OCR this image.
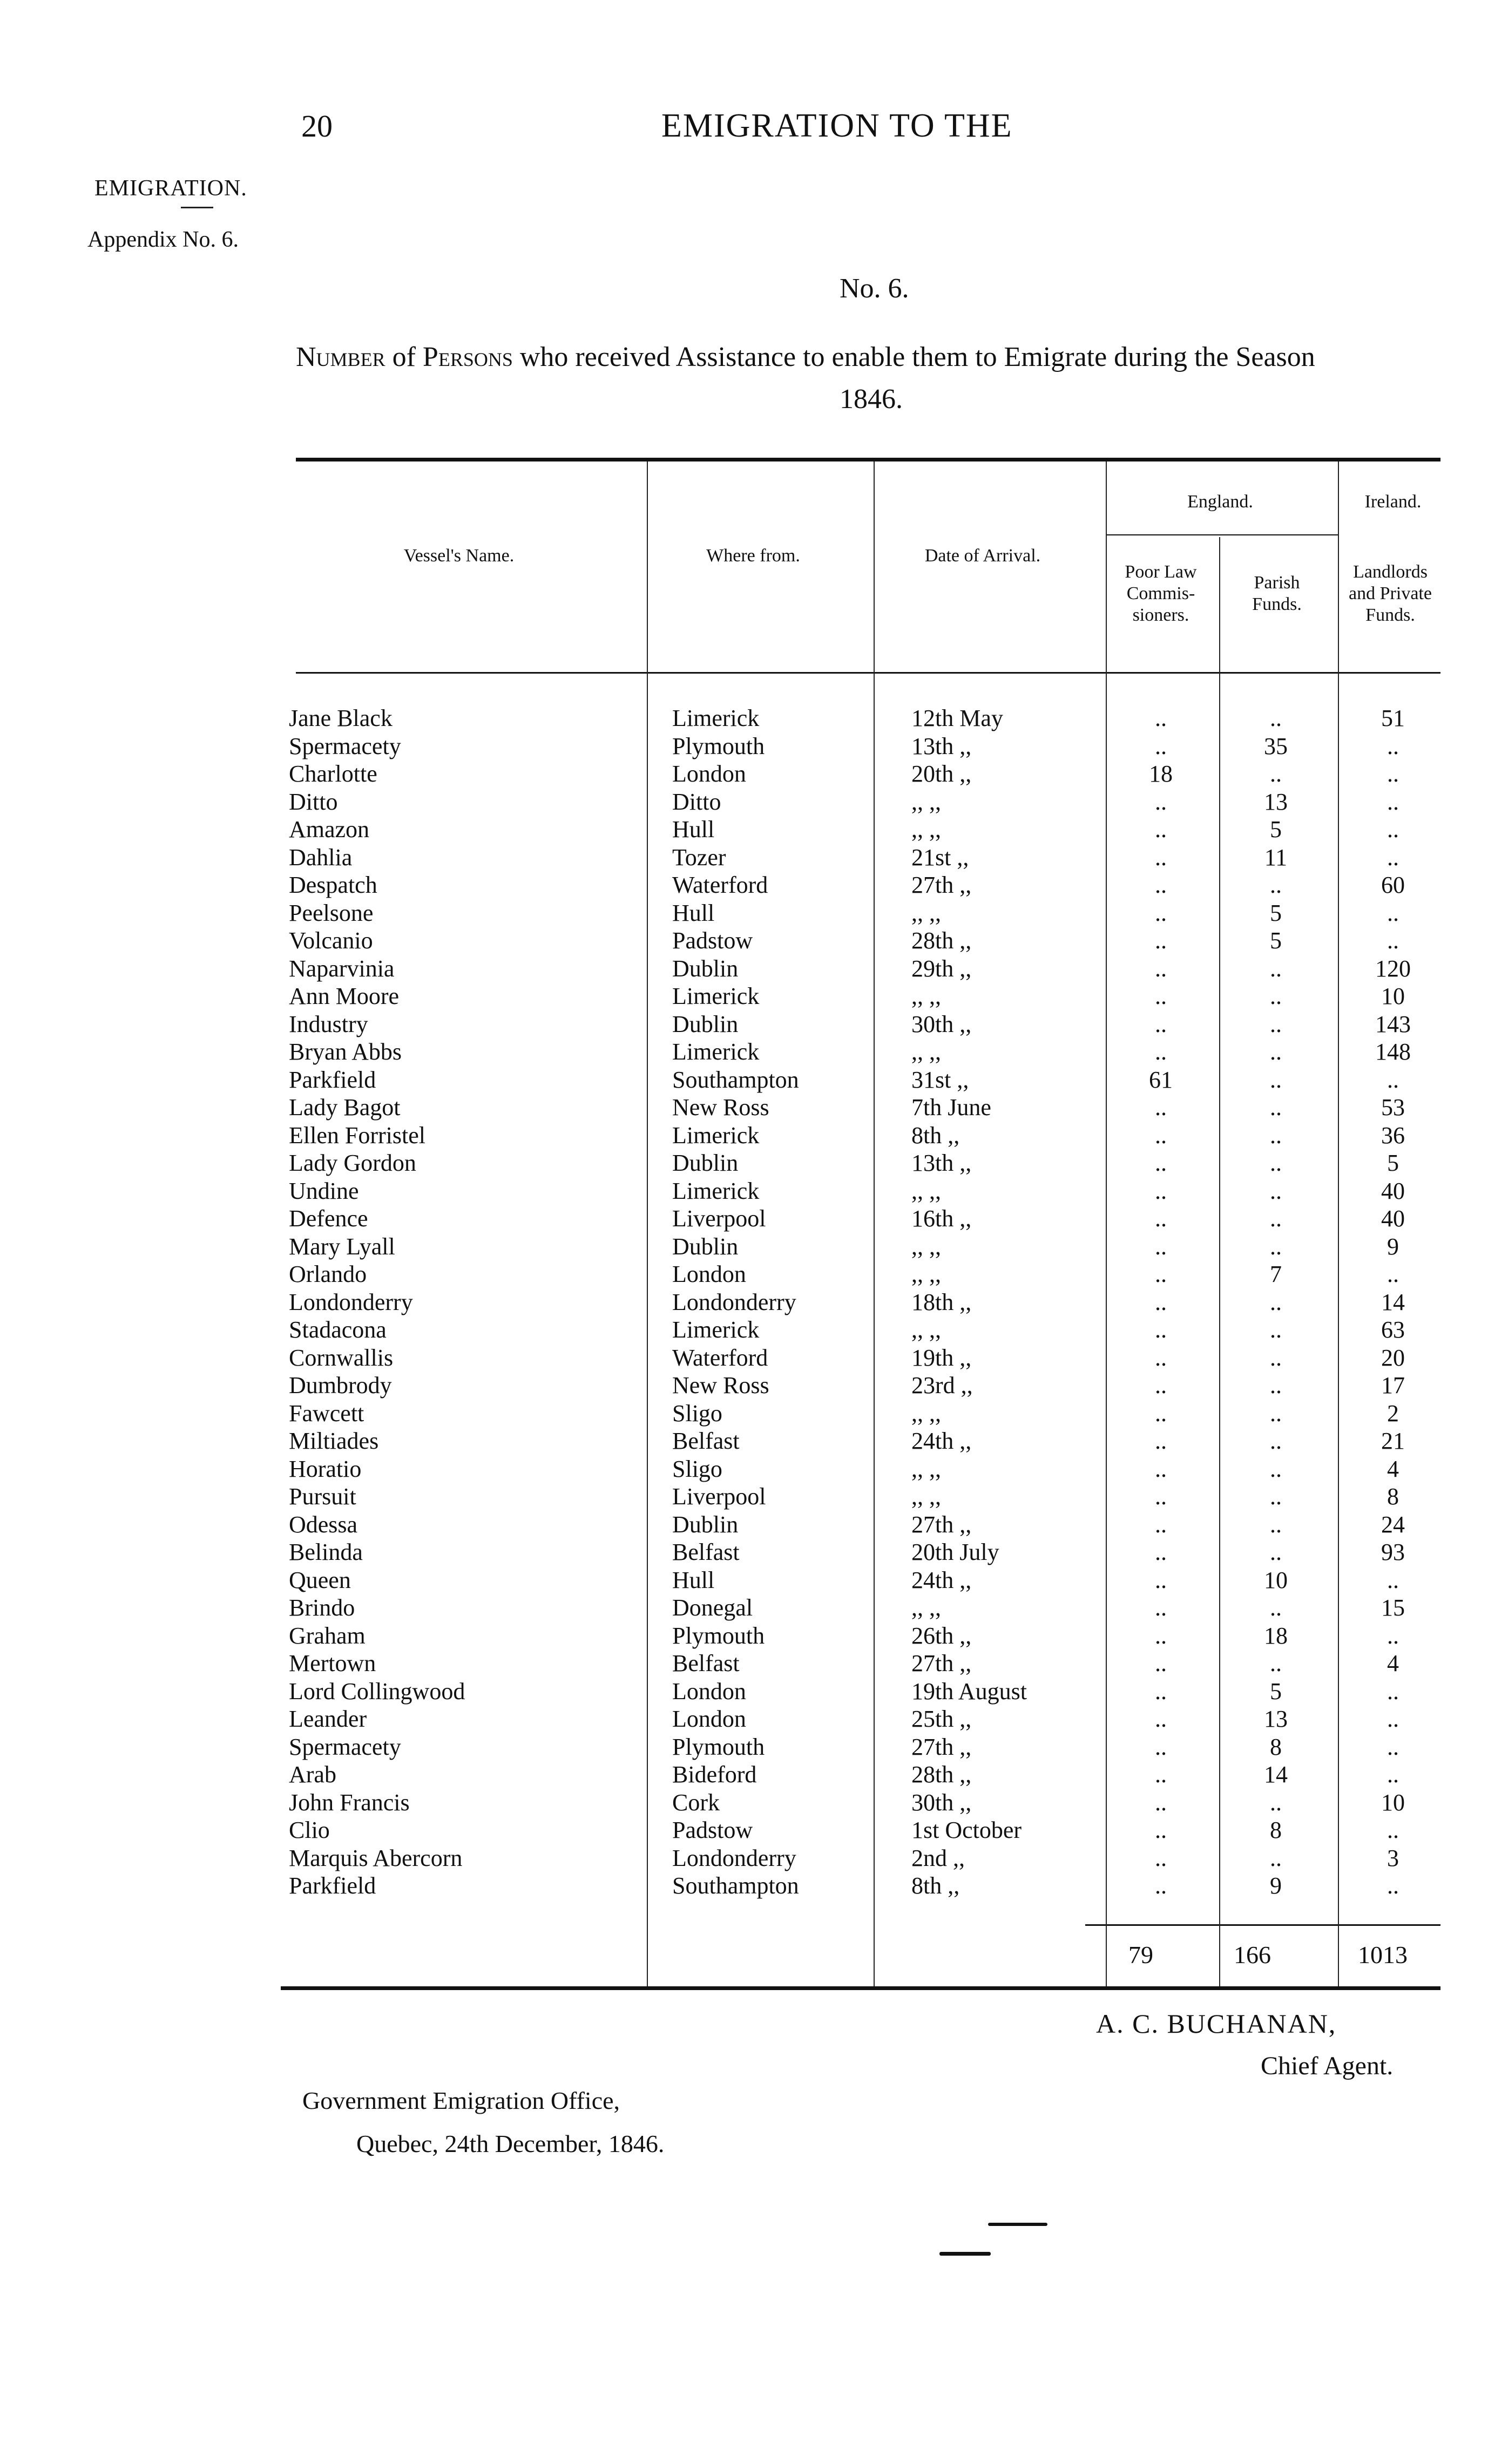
20	EMIGRATION TO THE
EMIGRATION.
Appendix No. 6.
No. 6.
Number of Persons who received Assistance to enable them to Emigrate during the Season
1846.
Vessel's Name.	Where from.	Date of Arrival.
England.	Ireland.
Poor Law Commis- sioners.
Parish Funds.
Landlords and Private Funds.
Jane Black	Limerick	12th May	..	..	51
Spermacety	Plymouth	13th ,,	..	35	..
Charlotte	London	20th ,,	18	..	..
Ditto	Ditto	,, ,,	..	13	..
Amazon	Hull	,, ,,	..	5	..
Dahlia	Tozer	21st ,,	..	11	..
Despatch	Waterford	27th ,,	..	..	60
Peelsone	Hull	,, ,,	..	5	..
Volcanio	Padstow	28th ,,	..	5	..
Naparvinia	Dublin	29th ,,	..	..	120
Ann Moore	Limerick	,, ,,	..	..	10
Industry	Dublin	30th ,,	..	..	143
Bryan Abbs	Limerick	,, ,,	..	..	148
Parkfield	Southampton	31st ,,	61	..	..
Lady Bagot	New Ross	7th June	..	..	53
Ellen Forristel	Limerick	8th ,,	..	..	36
Lady Gordon	Dublin	13th ,,	..	..	5
Undine	Limerick	,, ,,	..	..	40
Defence	Liverpool	16th ,,	..	..	40
Mary Lyall	Dublin	,, ,,	..	..	9
Orlando	London	,, ,,	..	7	..
Londonderry	Londonderry	18th ,,	..	..	14
Stadacona	Limerick	,, ,,	..	..	63
Cornwallis	Waterford	19th ,,	..	..	20
Dumbrody	New Ross	23rd ,,	..	..	17
Fawcett	Sligo	,, ,,	..	..	2
Miltiades	Belfast	24th ,,	..	..	21
Horatio	Sligo	,, ,,	..	..	4
Pursuit	Liverpool	,, ,,	..	..	8
Odessa	Dublin	27th ,,	..	..	24
Belinda	Belfast	20th July	..	..	93
Queen	Hull	24th ,,	..	10	..
Brindo	Donegal	,, ,,	..	..	15
Graham	Plymouth	26th ,,	..	18	..
Mertown	Belfast	27th ,,	..	..	4
Lord Collingwood	London	19th August	..	5	..
Leander	London	25th ,,	..	13	..
Spermacety	Plymouth	27th ,,	..	8	..
Arab	Bideford	28th ,,	..	14	..
John Francis	Cork	30th ,,	..	..	10
Clio	Padstow	1st October	..	8	..
Marquis Abercorn	Londonderry	2nd ,,	..	..	3
Parkfield	Southampton	8th ,,	..	9	..
79	166	1013
A. C. BUCHANAN,
Chief Agent.
Government Emigration Office,
Quebec, 24th December, 1846.
